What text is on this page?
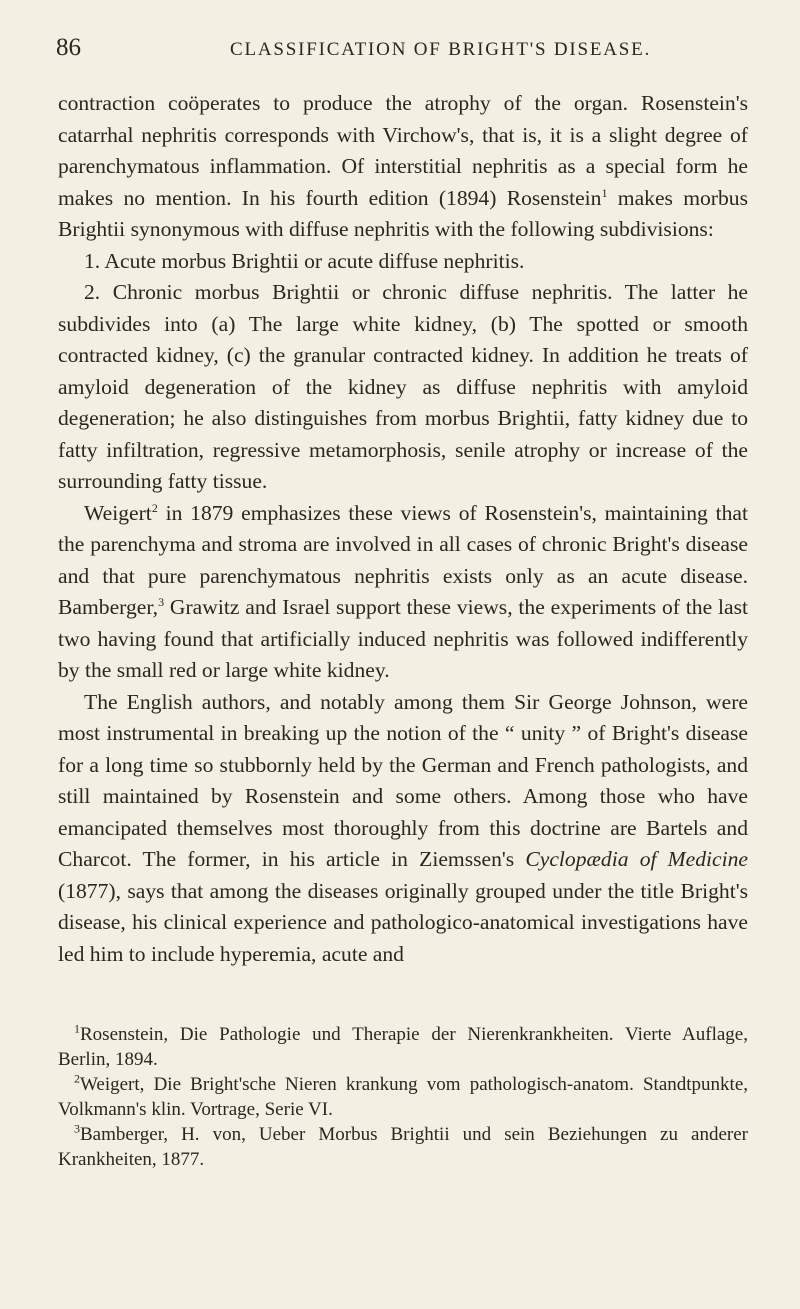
86	CLASSIFICATION OF BRIGHT'S DISEASE.

contraction coöperates to produce the atrophy of the organ. Rosenstein's catarrhal nephritis corresponds with Virchow's, that is, it is a slight degree of parenchymatous inflammation. Of interstitial nephritis as a special form he makes no mention. In his fourth edition (1894) Rosenstein$^1$ makes morbus Brightii synonymous with diffuse nephritis with the following subdivisions:

1. Acute morbus Brightii or acute diffuse nephritis.

2. Chronic morbus Brightii or chronic diffuse nephritis. The latter he subdivides into (a) The large white kidney, (b) The spotted or smooth contracted kidney, (c) the granular contracted kidney. In addition he treats of amyloid degeneration of the kidney as diffuse nephritis with amyloid degeneration; he also distinguishes from morbus Brightii, fatty kidney due to fatty infiltration, regressive metamorphosis, senile atrophy or increase of the surrounding fatty tissue.

Weigert$^2$ in 1879 emphasizes these views of Rosenstein's, maintaining that the parenchyma and stroma are involved in all cases of chronic Bright's disease and that pure parenchymatous nephritis exists only as an acute disease. Bamberger,$^3$ Grawitz and Israel support these views, the experiments of the last two having found that artificially induced nephritis was followed indifferently by the small red or large white kidney.

The English authors, and notably among them Sir George Johnson, were most instrumental in breaking up the notion of the “ unity ” of Bright's disease for a long time so stubbornly held by the German and French pathologists, and still maintained by Rosenstein and some others. Among those who have emancipated themselves most thoroughly from this doctrine are Bartels and Charcot. The former, in his article in Ziemssen's Cyclopædia of Medicine (1877), says that among the diseases originally grouped under the title Bright's disease, his clinical experience and pathologico-anatomical investigations have led him to include hyperemia, acute and

$^1$Rosenstein, Die Pathologie und Therapie der Nierenkrankheiten. Vierte Auflage, Berlin, 1894.

$^2$Weigert, Die Bright'sche Nieren krankung vom pathologisch-anatom. Standtpunkte, Volkmann's klin. Vortrage, Serie VI.

$^3$Bamberger, H. von, Ueber Morbus Brightii und sein Beziehungen zu anderer Krankheiten, 1877.
